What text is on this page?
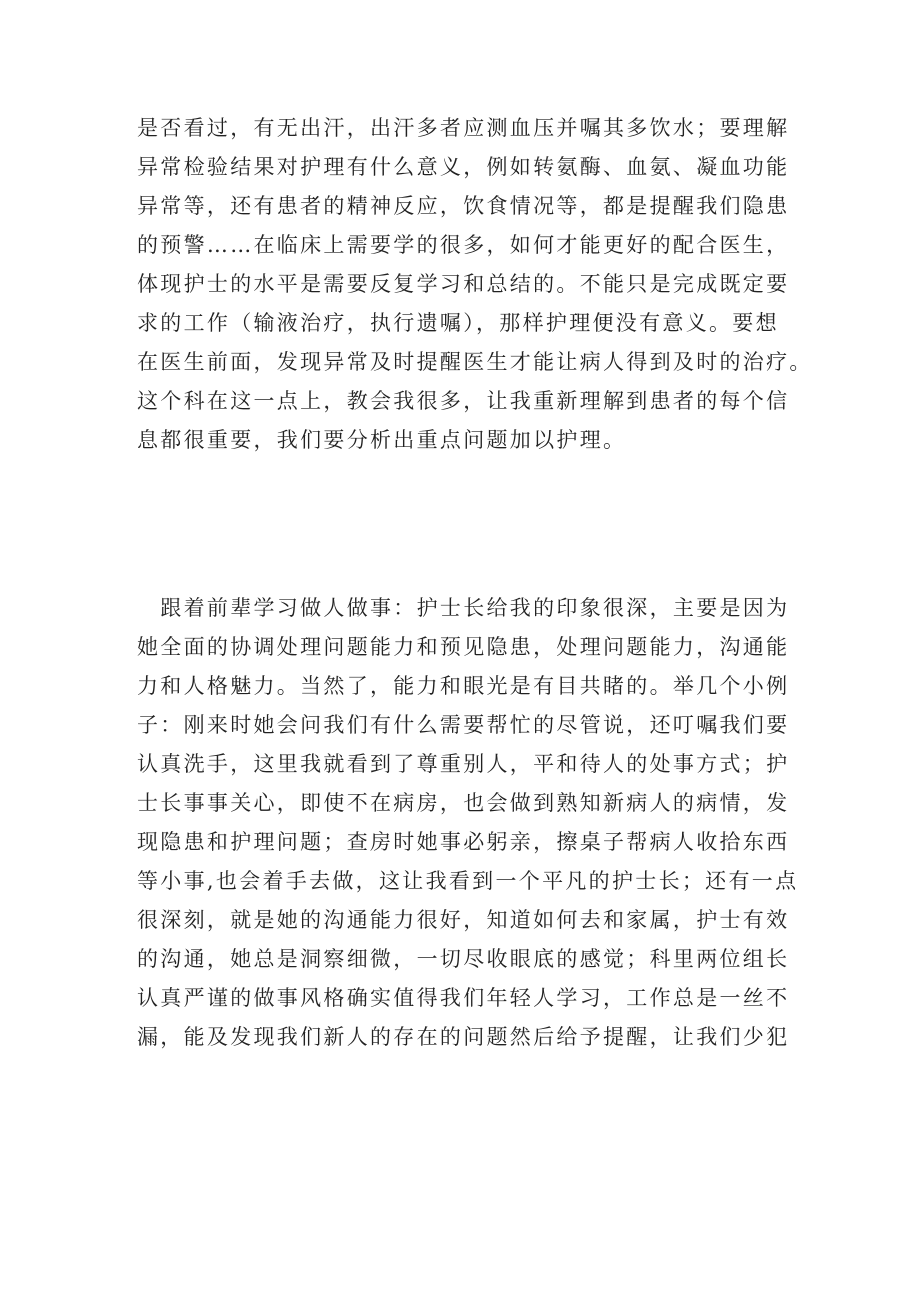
是否看过，有无出汗，出汗多者应测血压并嘱其多饮水；要理解
异常检验结果对护理有什么意义，例如转氨酶、血氨、凝血功能
异常等，还有患者的精神反应，饮食情况等，都是提醒我们隐患
的预警……在临床上需要学的很多，如何才能更好的配合医生，
体现护士的水平是需要反复学习和总结的。不能只是完成既定要
求的工作（输液治疗，执行遗嘱），那样护理便没有意义。要想
在医生前面，发现异常及时提醒医生才能让病人得到及时的治疗。
这个科在这一点上，教会我很多，让我重新理解到患者的每个信
息都很重要，我们要分析出重点问题加以护理。
　跟着前辈学习做人做事：护士长给我的印象很深，主要是因为
她全面的协调处理问题能力和预见隐患，处理问题能力，沟通能
力和人格魅力。当然了，能力和眼光是有目共睹的。举几个小例
子：刚来时她会问我们有什么需要帮忙的尽管说，还叮嘱我们要
认真洗手，这里我就看到了尊重别人，平和待人的处事方式；护
士长事事关心，即使不在病房，也会做到熟知新病人的病情，发
现隐患和护理问题；查房时她事必躬亲，擦桌子帮病人收拾东西
等小事,也会着手去做，这让我看到一个平凡的护士长；还有一点
很深刻，就是她的沟通能力很好，知道如何去和家属，护士有效
的沟通，她总是洞察细微，一切尽收眼底的感觉；科里两位组长
认真严谨的做事风格确实值得我们年轻人学习，工作总是一丝不
漏，能及发现我们新人的存在的问题然后给予提醒，让我们少犯
